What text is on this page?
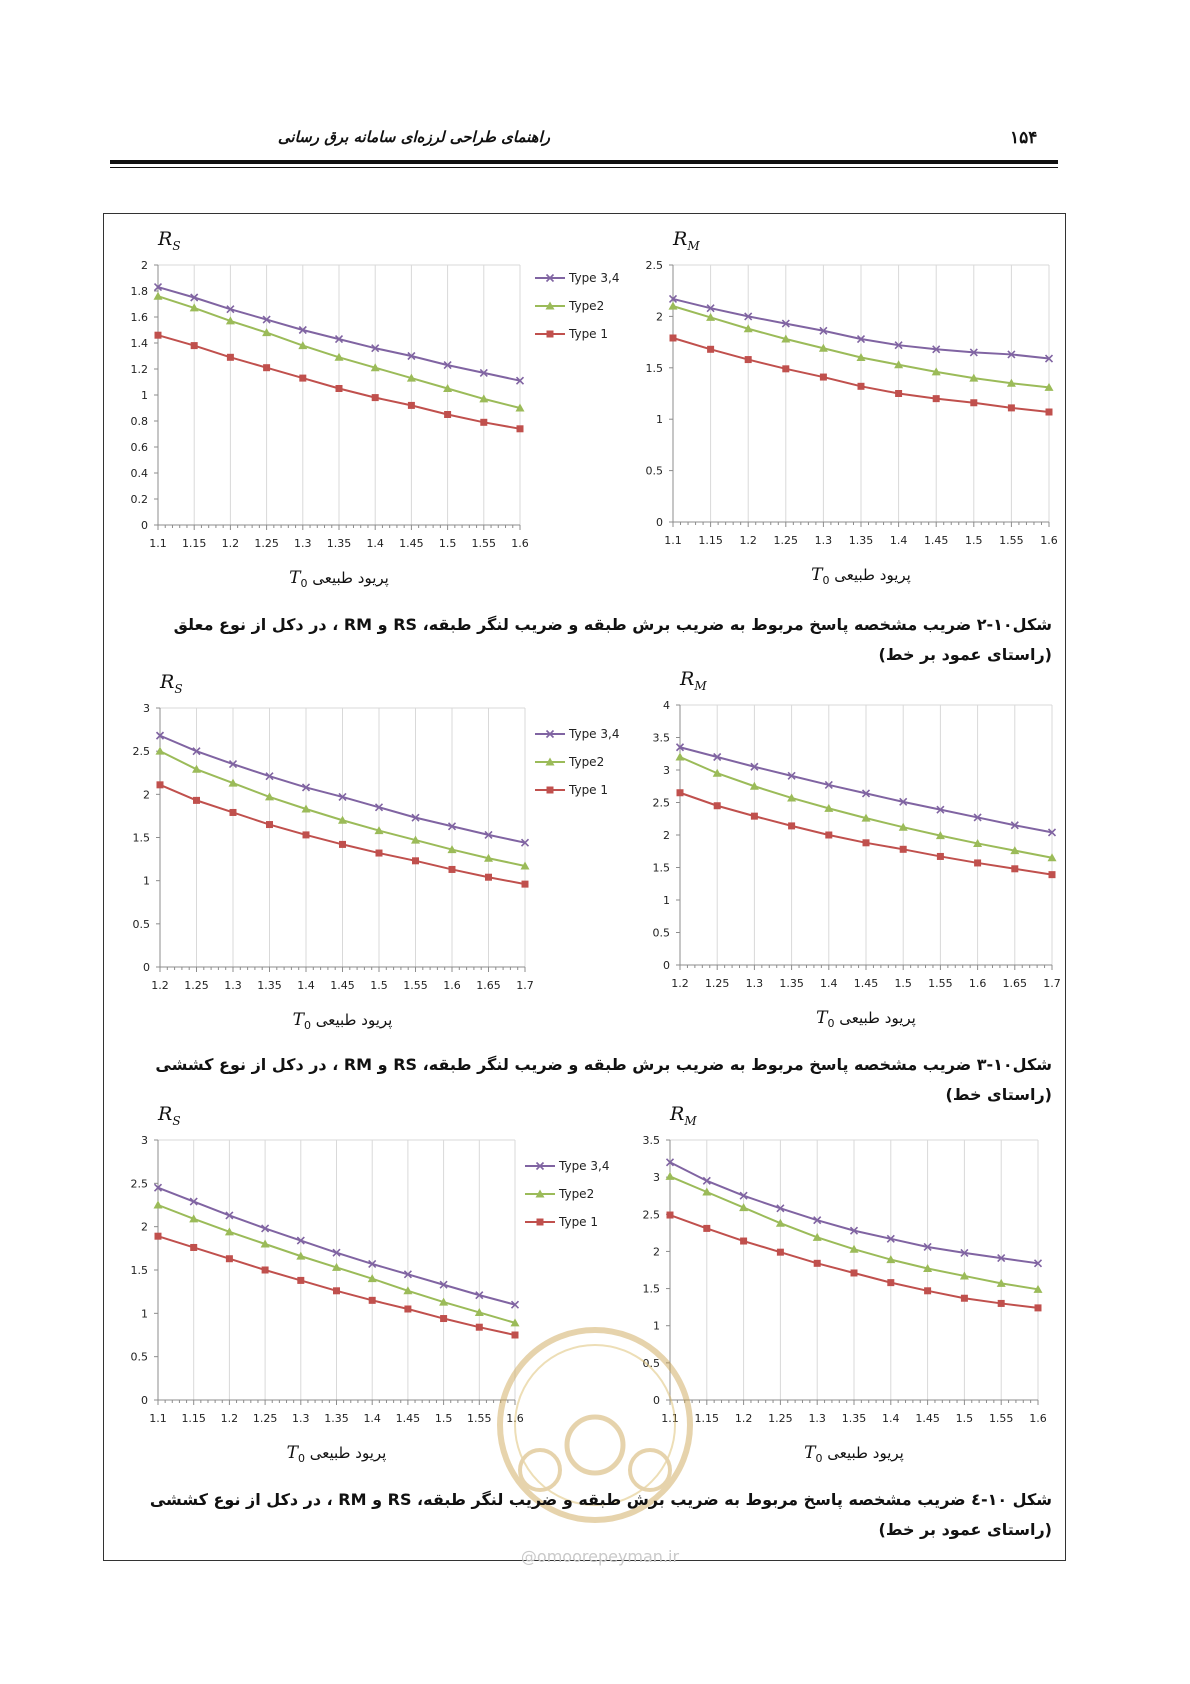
راهنمای طراحی لرزه‌ای سامانه برق رسانی	۱۵۴
0
0.2
0.4
0.6
0.8
1
1.2
1.4
1.6
1.8
2
1.1 1.15 1.2 1.25 1.3 1.35 1.4 1.45 1.5 1.55 1.6
$R_S$
پریود طبیعی $T_0$
Type 3,4
Type2
Type 1
0
0.5
1
1.5
2
2.5
1.1 1.15 1.2 1.25 1.3 1.35 1.4 1.45 1.5 1.55 1.6
$R_M$
پریود طبیعی $T_0$
0
0.5
1
1.5
2
2.5
3
1.2 1.25 1.3 1.35 1.4 1.45 1.5 1.55 1.6 1.65 1.7
$R_S$
پریود طبیعی $T_0$
Type 3,4
Type2
Type 1
0
0.5
1
1.5
2
2.5
3
3.5
4
1.2 1.25 1.3 1.35 1.4 1.45 1.5 1.55 1.6 1.65 1.7
$R_M$
پریود طبیعی $T_0$
0
0.5
1
1.5
2
2.5
3
1.1 1.15 1.2 1.25 1.3 1.35 1.4 1.45 1.5 1.55 1.6
$R_S$
پریود طبیعی $T_0$
Type 3,4
Type2
Type 1
0
0.5
1
1.5
2
2.5
3
3.5
1.1 1.15 1.2 1.25 1.3 1.35 1.4 1.45 1.5 1.55 1.6
$R_M$
پریود طبیعی $T_0$
شکل۱۰-۲ ضریب مشخصه پاسخ مربوط به ضریب برش طبقه و ضریب لنگر طبقه، RS و RM ، در دکل از نوع معلق (راستای عمود بر خط)
شکل۱۰-۳ ضریب مشخصه پاسخ مربوط به ضریب برش طبقه و ضریب لنگر طبقه، RS و RM ، در دکل از نوع کششی (راستای خط)
شکل ۱۰-٤ ضریب مشخصه پاسخ مربوط به ضریب برش طبقه و ضریب لنگر طبقه، RS و RM ، در دکل از نوع کششی (راستای عمود بر خط)
@omoorepeyman.ir
